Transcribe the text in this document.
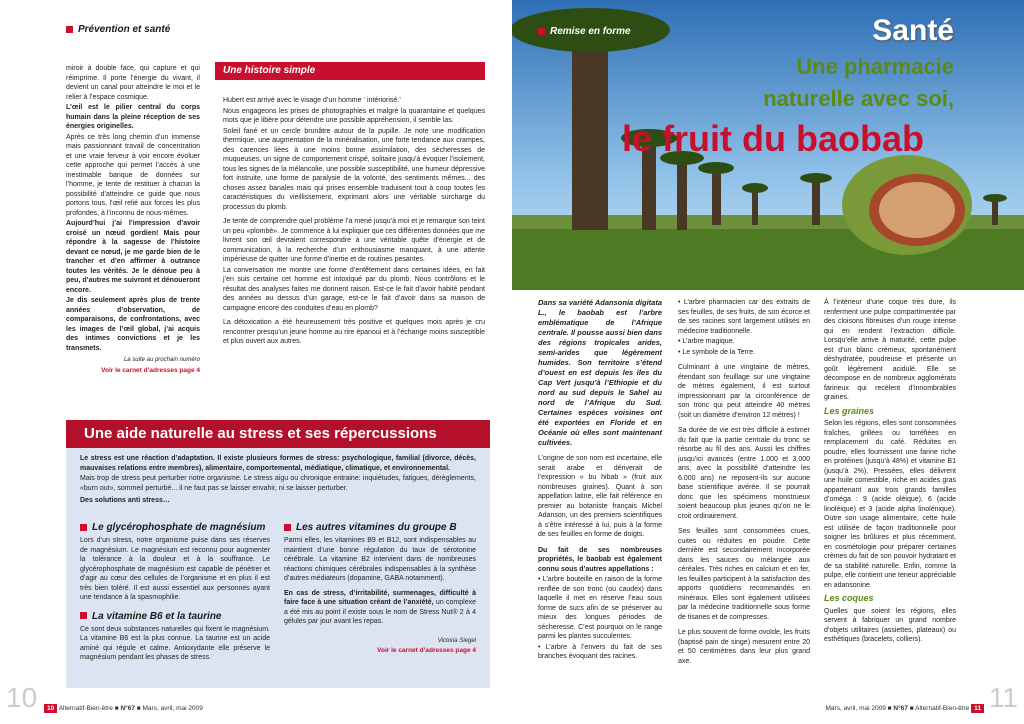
Prévention et santé

miroir à double face, qui capture et qui réimprime. Il porte l’énergie du vivant, il devient un canal pour atteindre le moi et le relier à l’espace cosmique.

L’œil est le pilier central du corps humain dans la pleine réception de ses énergies originelles.

Après ce très long chemin d’un immense mais passionnant travail de concentration et une vraie ferveur à voir encore évoluer cette approche qui permet l’accès à une inestimable banque de données sur l’homme, je tente de restituer à chacun la possibilité d’atteindre ce guide que nous portons tous, l’œil relié aux forces les plus profondes, à l’inconnu de nous-mêmes.

Aujourd’hui j’ai l’impression d’avoir croisé un nœud gordien! Mais pour répondre à la sagesse de l’histoire devant ce nœud, je me garde bien de le trancher et d’en affirmer à outrance toutes les vérités. Je le dénoue peu à peu, d’autres me suivront et dénoueront encore.

Je dis seulement après plus de trente années d’observation, de comparaisons, de confrontations, avec les images de l’œil global, j’ai acquis des intimes convictions et je les transmets.

La suite au prochain numéro
Voir le carnet d’adresses page 4
Une histoire simple

Hubert est arrivé avec le visage d’un homme ‘ intériorisé.’

Nous engageons les prises de photographies et malgré la quarantaine et quelques mots que je libère pour détendre une possible appréhension, il semble las.

Soleil fané et un cercle brunâtre autour de la pupille. Je note une modification thermique, une augmentation de la minéralisation, une forte tendance aux crampes, des carences liées à une moins bonne assimilation, des sécheresses de muqueuses, un signe de comportement crispé, solitaire jusqu’à évoquer l’isolement, tous les signes de la mélancolie, une possible susceptibilité, une humeur dépressive fort instruite, une forme de paralysie de la volonté, des sentiments mêmes... des choses assez banales mais qui prises ensemble traduisent tout à coup toutes les caractéristiques du vieillissement, exprimant alors une véritable surcharge du processus du plomb.

Je tente de comprendre quel problème l’a mené jusqu’à moi et je remarque son teint un peu «plombé». Je commence à lui expliquer que ces différentes données que me livrent son œil devraient correspondre à une véritable quête d’énergie et de communication, à la recherche d’un enthousiasme manquant, à une attente impérieuse de quitter une forme d’inertie et de routines pesantes.

La conversation me montre une forme d’entêtement dans certaines idées, en fait j’en suis certaine cet homme est intoxiqué par du plomb. Nous contrôlons et le résultat des analyses faites me donnent raison. Est-ce le fait d’avoir habité pendant des années au dessus d’un garage, est-ce le fait d’avoir dans sa maison de campagne encore des conduites d’eau en plomb?

La détoxication a été heureusement très positive et quelques mois après je cru rencontrer presqu’un jeune homme au rire épanoui et à l’échange moins susceptible et plus ouvert aux autres.

Une aide naturelle au stress et ses répercussions

Le stress est une réaction d’adaptation. Il existe plusieurs formes de stress: psychologique, familial (divorce, décès, mauvaises relations entre membres), alimentaire, comportemental, médiatique, climatique, et environnemental.

Mais trop de stress peut perturber notre organisme. Le stress aigu ou chronique entraine: inquiétudes, fatigues, dérèglements, «burn out», sommeil perturbé... il ne faut pas se laisser envahir, ni se laisser perturber.

Des solutions anti stress…

Le glycérophosphate de magnésium

Lors d’un stress, notre organisme puise dans ses réserves de magnésium. Le magnésium est reconnu pour augmenter la tolérance à la douleur et à la souffrance. Le glycérophosphate de magnésium est capable de pénétrer et d’agir au cœur des cellules de l’organisme et en plus il est très bien toléré. Il est aussi essentiel aux personnes ayant une tendance à la spasmophilie.

La vitamine B6 et la taurine

Ce sont deux substances naturelles qui fixent le magnésium. La vitamine B6 est la plus connue. La taurine est un acide aminé qui régule et calme. Antioxydante elle préserve le magnésium pendant les phases de stress.

Les autres vitamines du groupe B

Parmi elles, les vitamines B9 et B12, sont indispensables au maintient d’une bonne régulation du taux de sérotonine cérébrale. La vitamine B2 intervient dans de nombreuses réactions chimiques cérébrales indispensables à la synthèse d’autres médiateurs (dopamine, GABA notamment).

En cas de stress, d’irritabilité, surmenages, difficulté à faire face à une situation créant de l’anxiété, un complexe a été mis au point il existe sous le nom de Stress Nut® 2 à 4 gélules par jour avant les repas.

Victoria Siegel
Voir le carnet d’adresses page 4
10	10 Alternatif-Bien-être ■ N°67 ■ Mars, avril, mai 2009
Remise en forme	Santé
Une pharmacie
naturelle avec soi,
le fruit du baobab

Dans sa variété Adansonia digitata L., le baobab est l’arbre emblématique de l’Afrique centrale. Il pousse aussi bien dans des régions tropicales arides, semi-arides que légèrement humides. Son territoire s’étend d’ouest en est depuis les îles du Cap Vert jusqu’à l’Ethiopie et du nord au sud depuis le Sahel au nord de l’Afrique du Sud. Certaines espèces voisines ont été exportées en Floride et en Océanie où elles sont maintenant cultivées.

L’origine de son nom est incertaine, elle serait arabe et dériverait de l’expression « bu hibab » (fruit aux nombreuses graines). Quant à son appellation latine, elle fait référence en premier au botaniste français Michel Adanson, un des premiers scientifiques à s’être intéressé à lui, puis à la forme de ses feuilles en forme de doigts.

Du fait de ses nombreuses propriétés, le baobab est également connu sous d’autres appellations :

• L’arbre bouteille en raison de la forme renflée de son tronc (ou caudex) dans laquelle il met en réserve l’eau sous forme de sucs afin de se préserver au mieux des longues périodes de sécheresse. C’est pourquoi on le range parmi les plantes succulentes.

• L’arbre à l’envers du fait de ses branches évoquant des racines.

• L’arbre pharmacien car des extraits de ses feuilles, de ses fruits, de son écorce et de ses racines sont largement utilisés en médecine traditionnelle.

• L’arbre magique.

• Le symbole de la Terre.

Culminant à une vingtaine de mètres, étendant son feuillage sur une vingtaine de mètres également, il est surtout impressionnant par la circonférence de son tronc qui peut atteindre 40 mètres (soit un diamètre d’environ 12 mètres) !

Sa durée de vie est très difficile à estimer du fait que la partie centrale du tronc se résorbe au fil des ans. Aussi les chiffres jusqu’ici avancés (entre 1.000 et 3.000 ans, avec la possibilité d’atteindre les 6.000 ans) ne reposent-ils sur aucune base scientifique avérée. Il se pourrait donc que les spécimens monstrueux soient beaucoup plus jeunes qu’on ne le croit ordinairement.

Ses feuilles sont consommées crues, cuites ou réduites en poudre. Cette dernière est secondairement incorporée dans les sauces ou mélangée aux céréales. Très riches en calcium et en fer, les feuilles participent à la satisfaction des apports quotidiens recommandés en minéraux. Elles sont également utilisées par la médecine traditionnelle sous forme de tisanes et de compresses.

Le plus souvent de forme ovoïde, les fruits (baptisé pain de singe) mesurent entre 20 et 50 centimètres dans leur plus grand axe.

À l’intérieur d’une coque très dure, ils renferment une pulpe compartimentée par des cloisons fibreuses d’un rouge intense qui en rendent l’extraction difficile. Lorsqu’elle arrive à maturité, cette pulpe est d’un blanc crémeux, spontanément déshydratée, poudreuse et présente un goût légèrement acidulé. Elle se décompose en de nombreux agglomérats farineux qui recèlent d’innombrables graines.

Les graines

Selon les régions, elles sont consommées fraîches, grillées ou torréfiées en remplacement du café. Réduites en poudre, elles fournissent une farine riche en protéines (jusqu’à 48%) et vitamine B1 (jusqu’à 2%). Pressées, elles délivrent une huile comestible, riche en acides gras appartenant aux trois grands familles d’oméga : 9 (acide oléique), 6 (acide linoléique) et 3 (acide alpha linolénique). Outre son usage alimentaire, cette huile est utilisée de façon traditionnelle pour soigner les brûlures et plus récemment, en cosmétologie pour préparer certaines crèmes du fait de son pouvoir hydratant et de sa stabilité naturelle. Enfin, comme la pulpe, elle contient une teneur appréciable en adansonine.

Les coques

Quelles que soient les régions, elles servent à fabriquer un grand nombre d’objets utilitaires (assiettes, plateaux) ou esthétiques (bracelets, colliers).

11
Mars, avril, mai 2009 ■ N°67 ■ Alternatif-Bien-être 11
